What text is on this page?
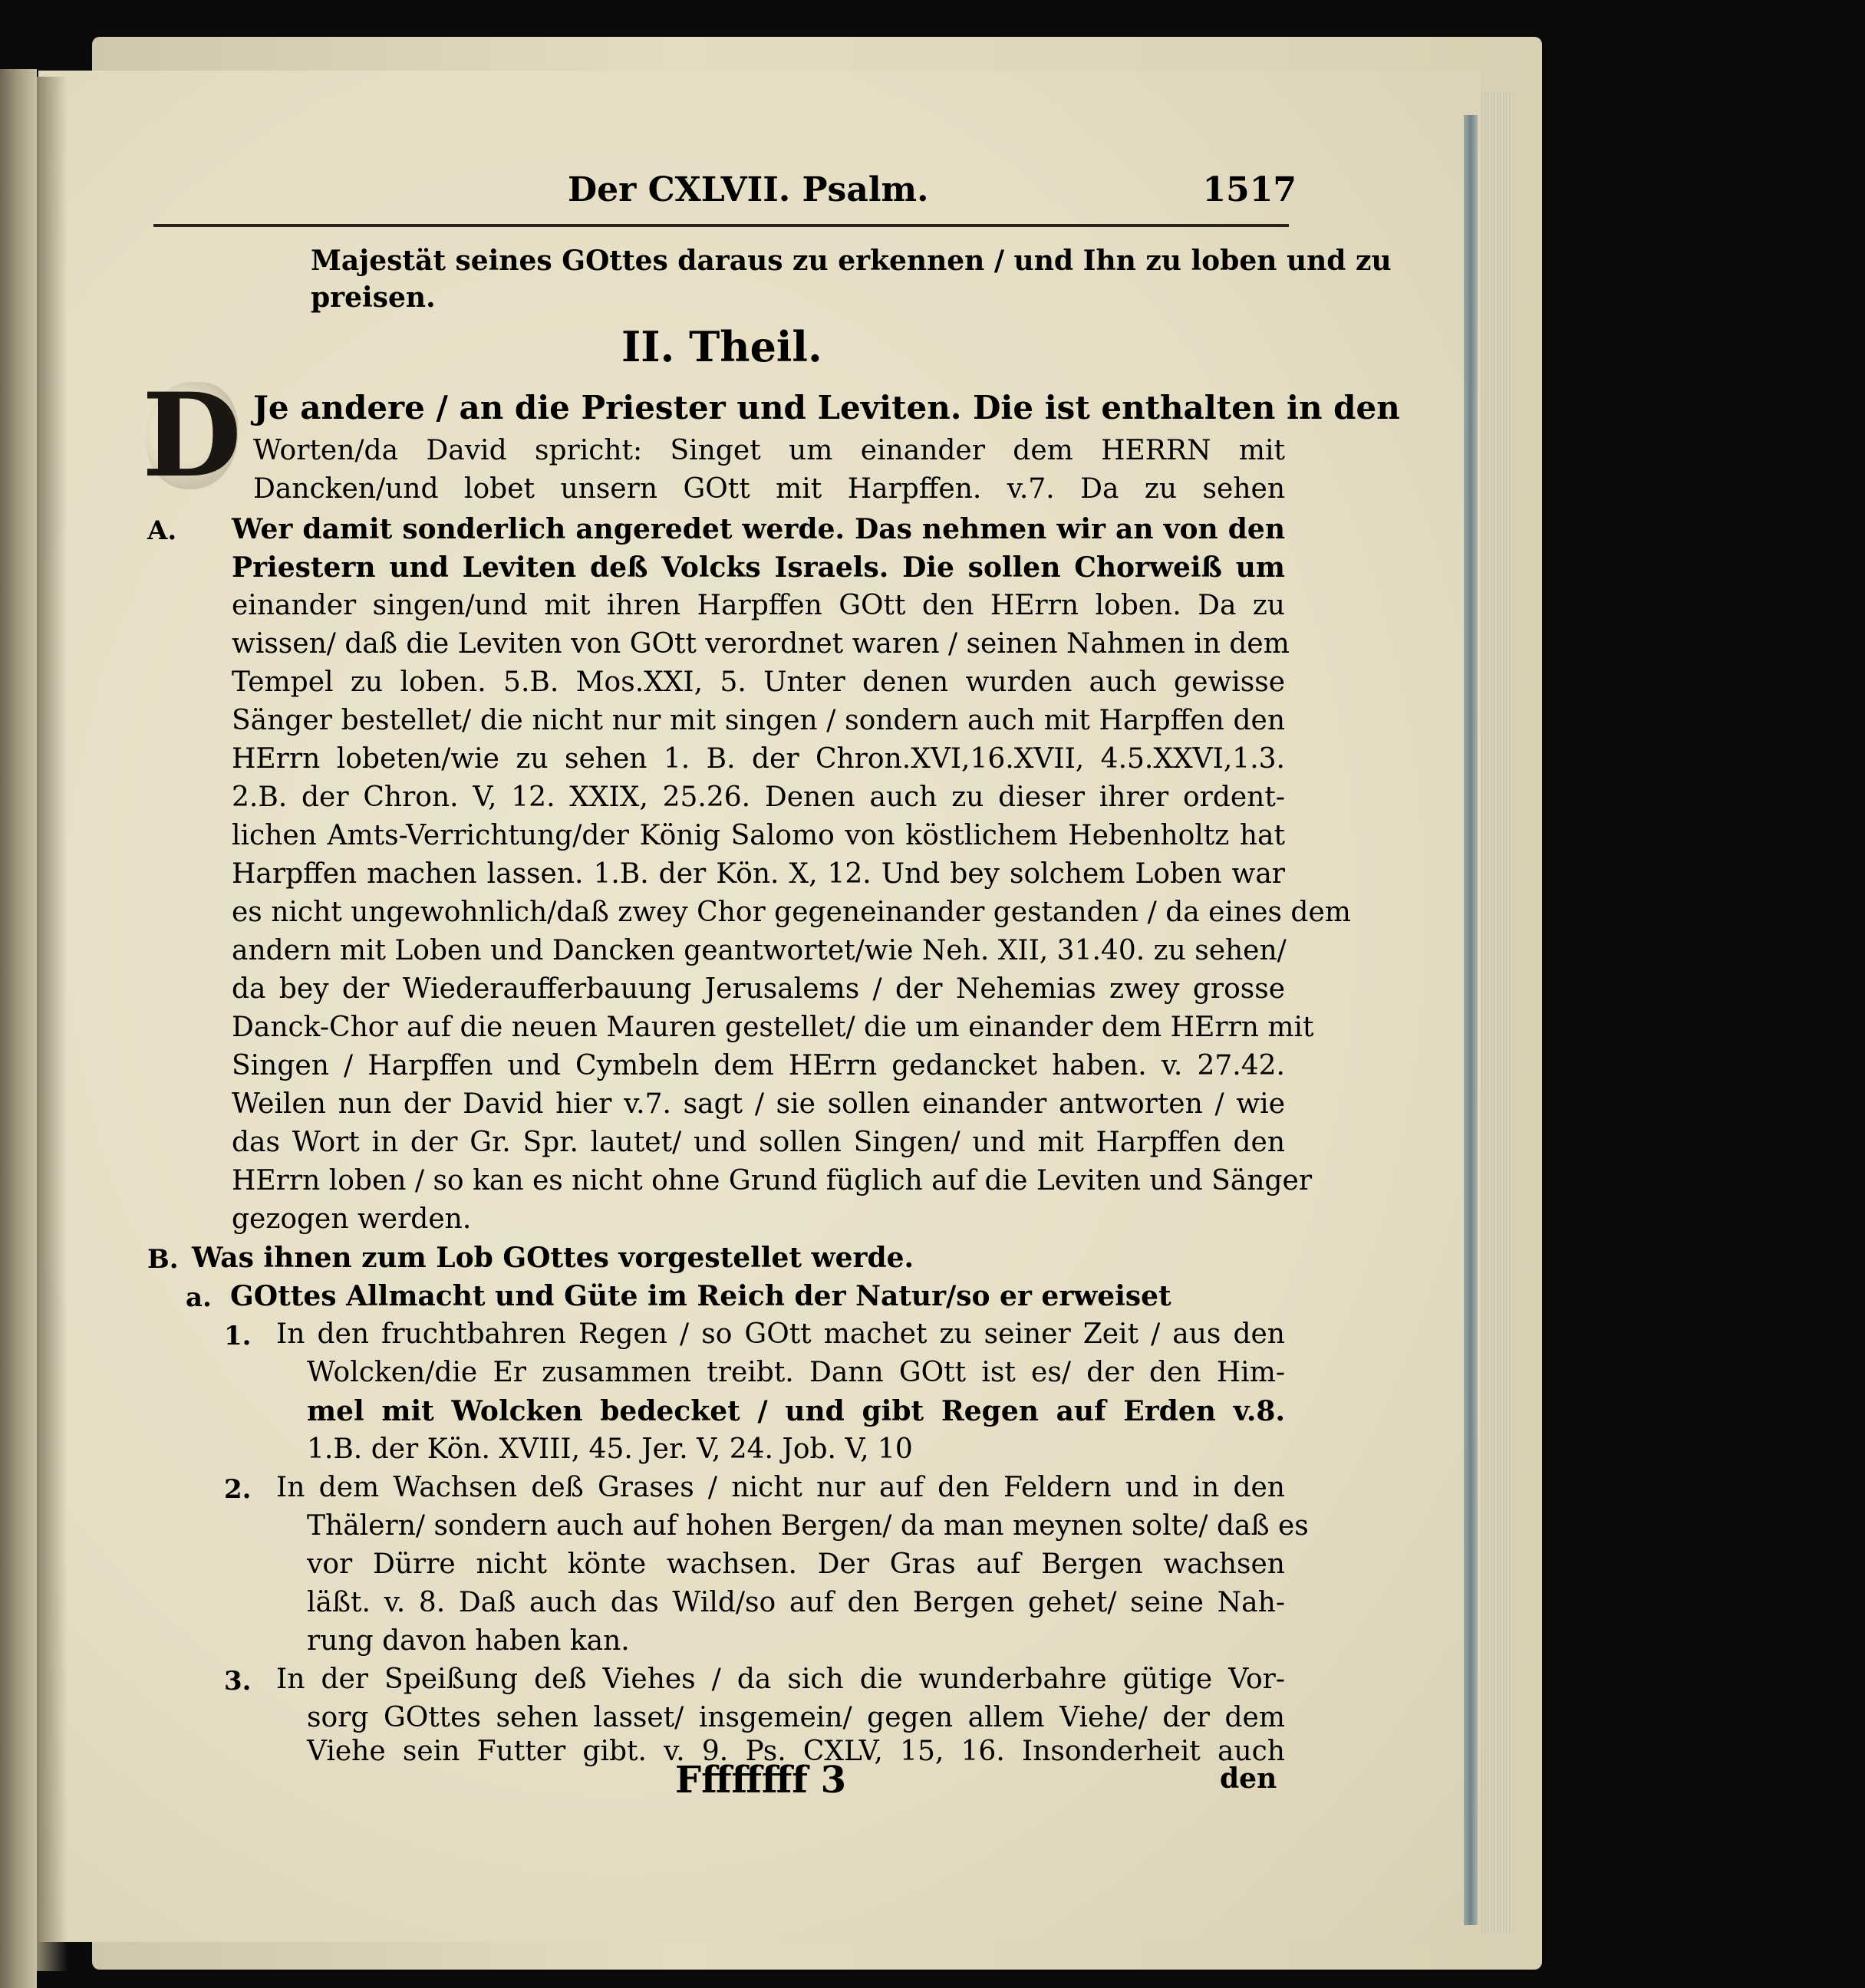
Der CXLVII. Psalm.	1517
Majestät seines GOttes daraus zu erkennen / und Ihn zu loben und zu
preisen.
II. Theil.
D Je andere / an die Priester und Leviten. Die ist enthalten in den
Worten/da David spricht: Singet um einander dem HERRN mit
Dancken/und lobet unsern GOtt mit Harpffen. v.7. Da zu sehen
A. Wer damit sonderlich angeredet werde. Das nehmen wir an von den
Priestern und Leviten deß Volcks Israels. Die sollen Chorweiß um
einander singen/und mit ihren Harpffen GOtt den HErrn loben. Da zu
wissen/ daß die Leviten von GOtt verordnet waren / seinen Nahmen in dem
Tempel zu loben. 5.B. Mos.XXI, 5. Unter denen wurden auch gewisse
Sänger bestellet/ die nicht nur mit singen / sondern auch mit Harpffen den
HErrn lobeten/wie zu sehen 1. B. der Chron.XVI,16.XVII, 4.5.XXVI,1.3.
2.B. der Chron. V, 12. XXIX, 25.26. Denen auch zu dieser ihrer ordent-
lichen Amts-Verrichtung/der König Salomo von köstlichem Hebenholtz hat
Harpffen machen lassen. 1.B. der Kön. X, 12. Und bey solchem Loben war
es nicht ungewohnlich/daß zwey Chor gegeneinander gestanden / da eines dem
andern mit Loben und Dancken geantwortet/wie Neh. XII, 31.40. zu sehen/
da bey der Wiederaufferbauung Jerusalems / der Nehemias zwey grosse
Danck-Chor auf die neuen Mauren gestellet/ die um einander dem HErrn mit
Singen / Harpffen und Cymbeln dem HErrn gedancket haben. v. 27.42.
Weilen nun der David hier v.7. sagt / sie sollen einander antworten / wie
das Wort in der Gr. Spr. lautet/ und sollen Singen/ und mit Harpffen den
HErrn loben / so kan es nicht ohne Grund füglich auf die Leviten und Sänger
gezogen werden.
B. Was ihnen zum Lob GOttes vorgestellet werde.
a. GOttes Allmacht und Güte im Reich der Natur/so er erweiset
1. In den fruchtbahren Regen / so GOtt machet zu seiner Zeit / aus den
Wolcken/die Er zusammen treibt. Dann GOtt ist es/ der den Him-
mel mit Wolcken bedecket / und gibt Regen auf Erden v.8.
1.B. der Kön. XVIII, 45. Jer. V, 24. Job. V, 10
2. In dem Wachsen deß Grases / nicht nur auf den Feldern und in den
Thälern/ sondern auch auf hohen Bergen/ da man meynen solte/ daß es
vor Dürre nicht könte wachsen. Der Gras auf Bergen wachsen
läßt. v. 8. Daß auch das Wild/so auf den Bergen gehet/ seine Nah-
rung davon haben kan.
3. In der Speißung deß Viehes / da sich die wunderbahre gütige Vor-
sorg GOttes sehen lasset/ insgemein/ gegen allem Viehe/ der dem
Viehe sein Futter gibt. v. 9. Ps. CXLV, 15, 16. Insonderheit auch
Ffffffff 3	den
